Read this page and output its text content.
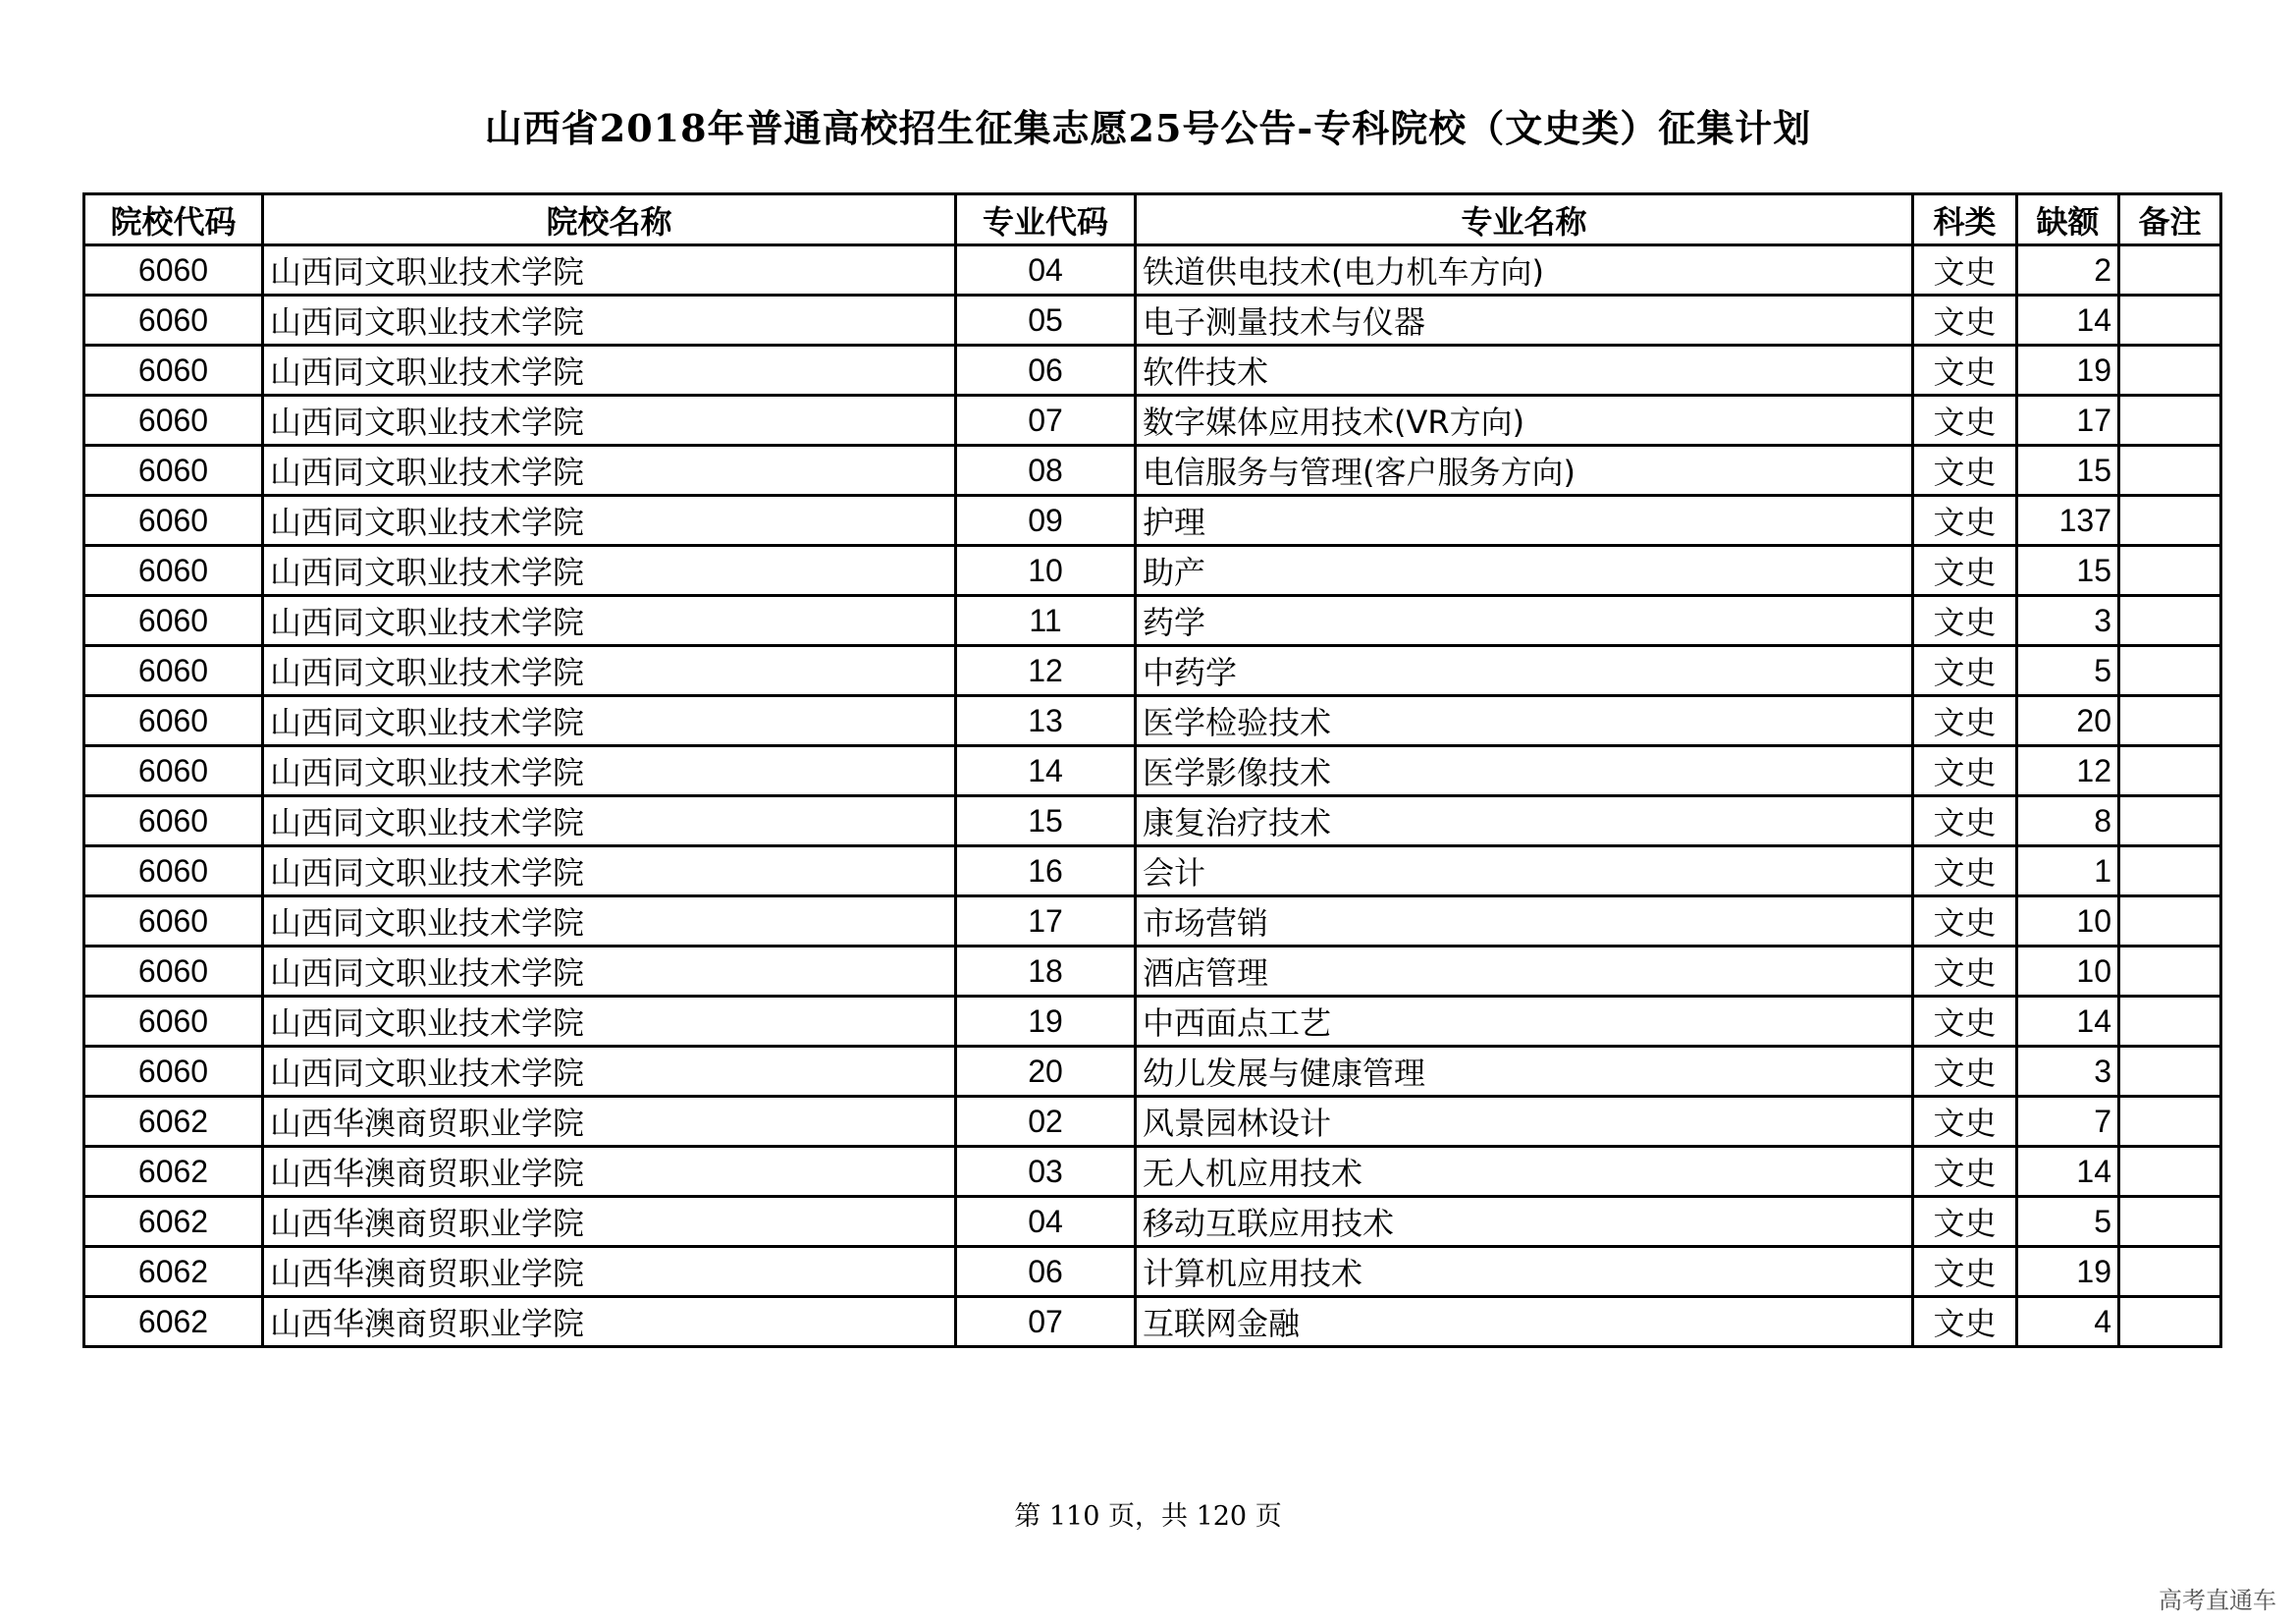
山西省2018年普通高校招生征集志愿25号公告-专科院校（文史类）征集计划
院校代码	院校名称	专业代码	专业名称	科类	缺额	备注
6060	山西同文职业技术学院	04	铁道供电技术(电力机车方向)	文史	2	
6060	山西同文职业技术学院	05	电子测量技术与仪器	文史	14	
6060	山西同文职业技术学院	06	软件技术	文史	19	
6060	山西同文职业技术学院	07	数字媒体应用技术(VR方向)	文史	17	
6060	山西同文职业技术学院	08	电信服务与管理(客户服务方向)	文史	15	
6060	山西同文职业技术学院	09	护理	文史	137	
6060	山西同文职业技术学院	10	助产	文史	15	
6060	山西同文职业技术学院	11	药学	文史	3	
6060	山西同文职业技术学院	12	中药学	文史	5	
6060	山西同文职业技术学院	13	医学检验技术	文史	20	
6060	山西同文职业技术学院	14	医学影像技术	文史	12	
6060	山西同文职业技术学院	15	康复治疗技术	文史	8	
6060	山西同文职业技术学院	16	会计	文史	1	
6060	山西同文职业技术学院	17	市场营销	文史	10	
6060	山西同文职业技术学院	18	酒店管理	文史	10	
6060	山西同文职业技术学院	19	中西面点工艺	文史	14	
6060	山西同文职业技术学院	20	幼儿发展与健康管理	文史	3	
6062	山西华澳商贸职业学院	02	风景园林设计	文史	7	
6062	山西华澳商贸职业学院	03	无人机应用技术	文史	14	
6062	山西华澳商贸职业学院	04	移动互联应用技术	文史	5	
6062	山西华澳商贸职业学院	06	计算机应用技术	文史	19	
6062	山西华澳商贸职业学院	07	互联网金融	文史	4	
第 110 页，共 120 页
高考直通车
